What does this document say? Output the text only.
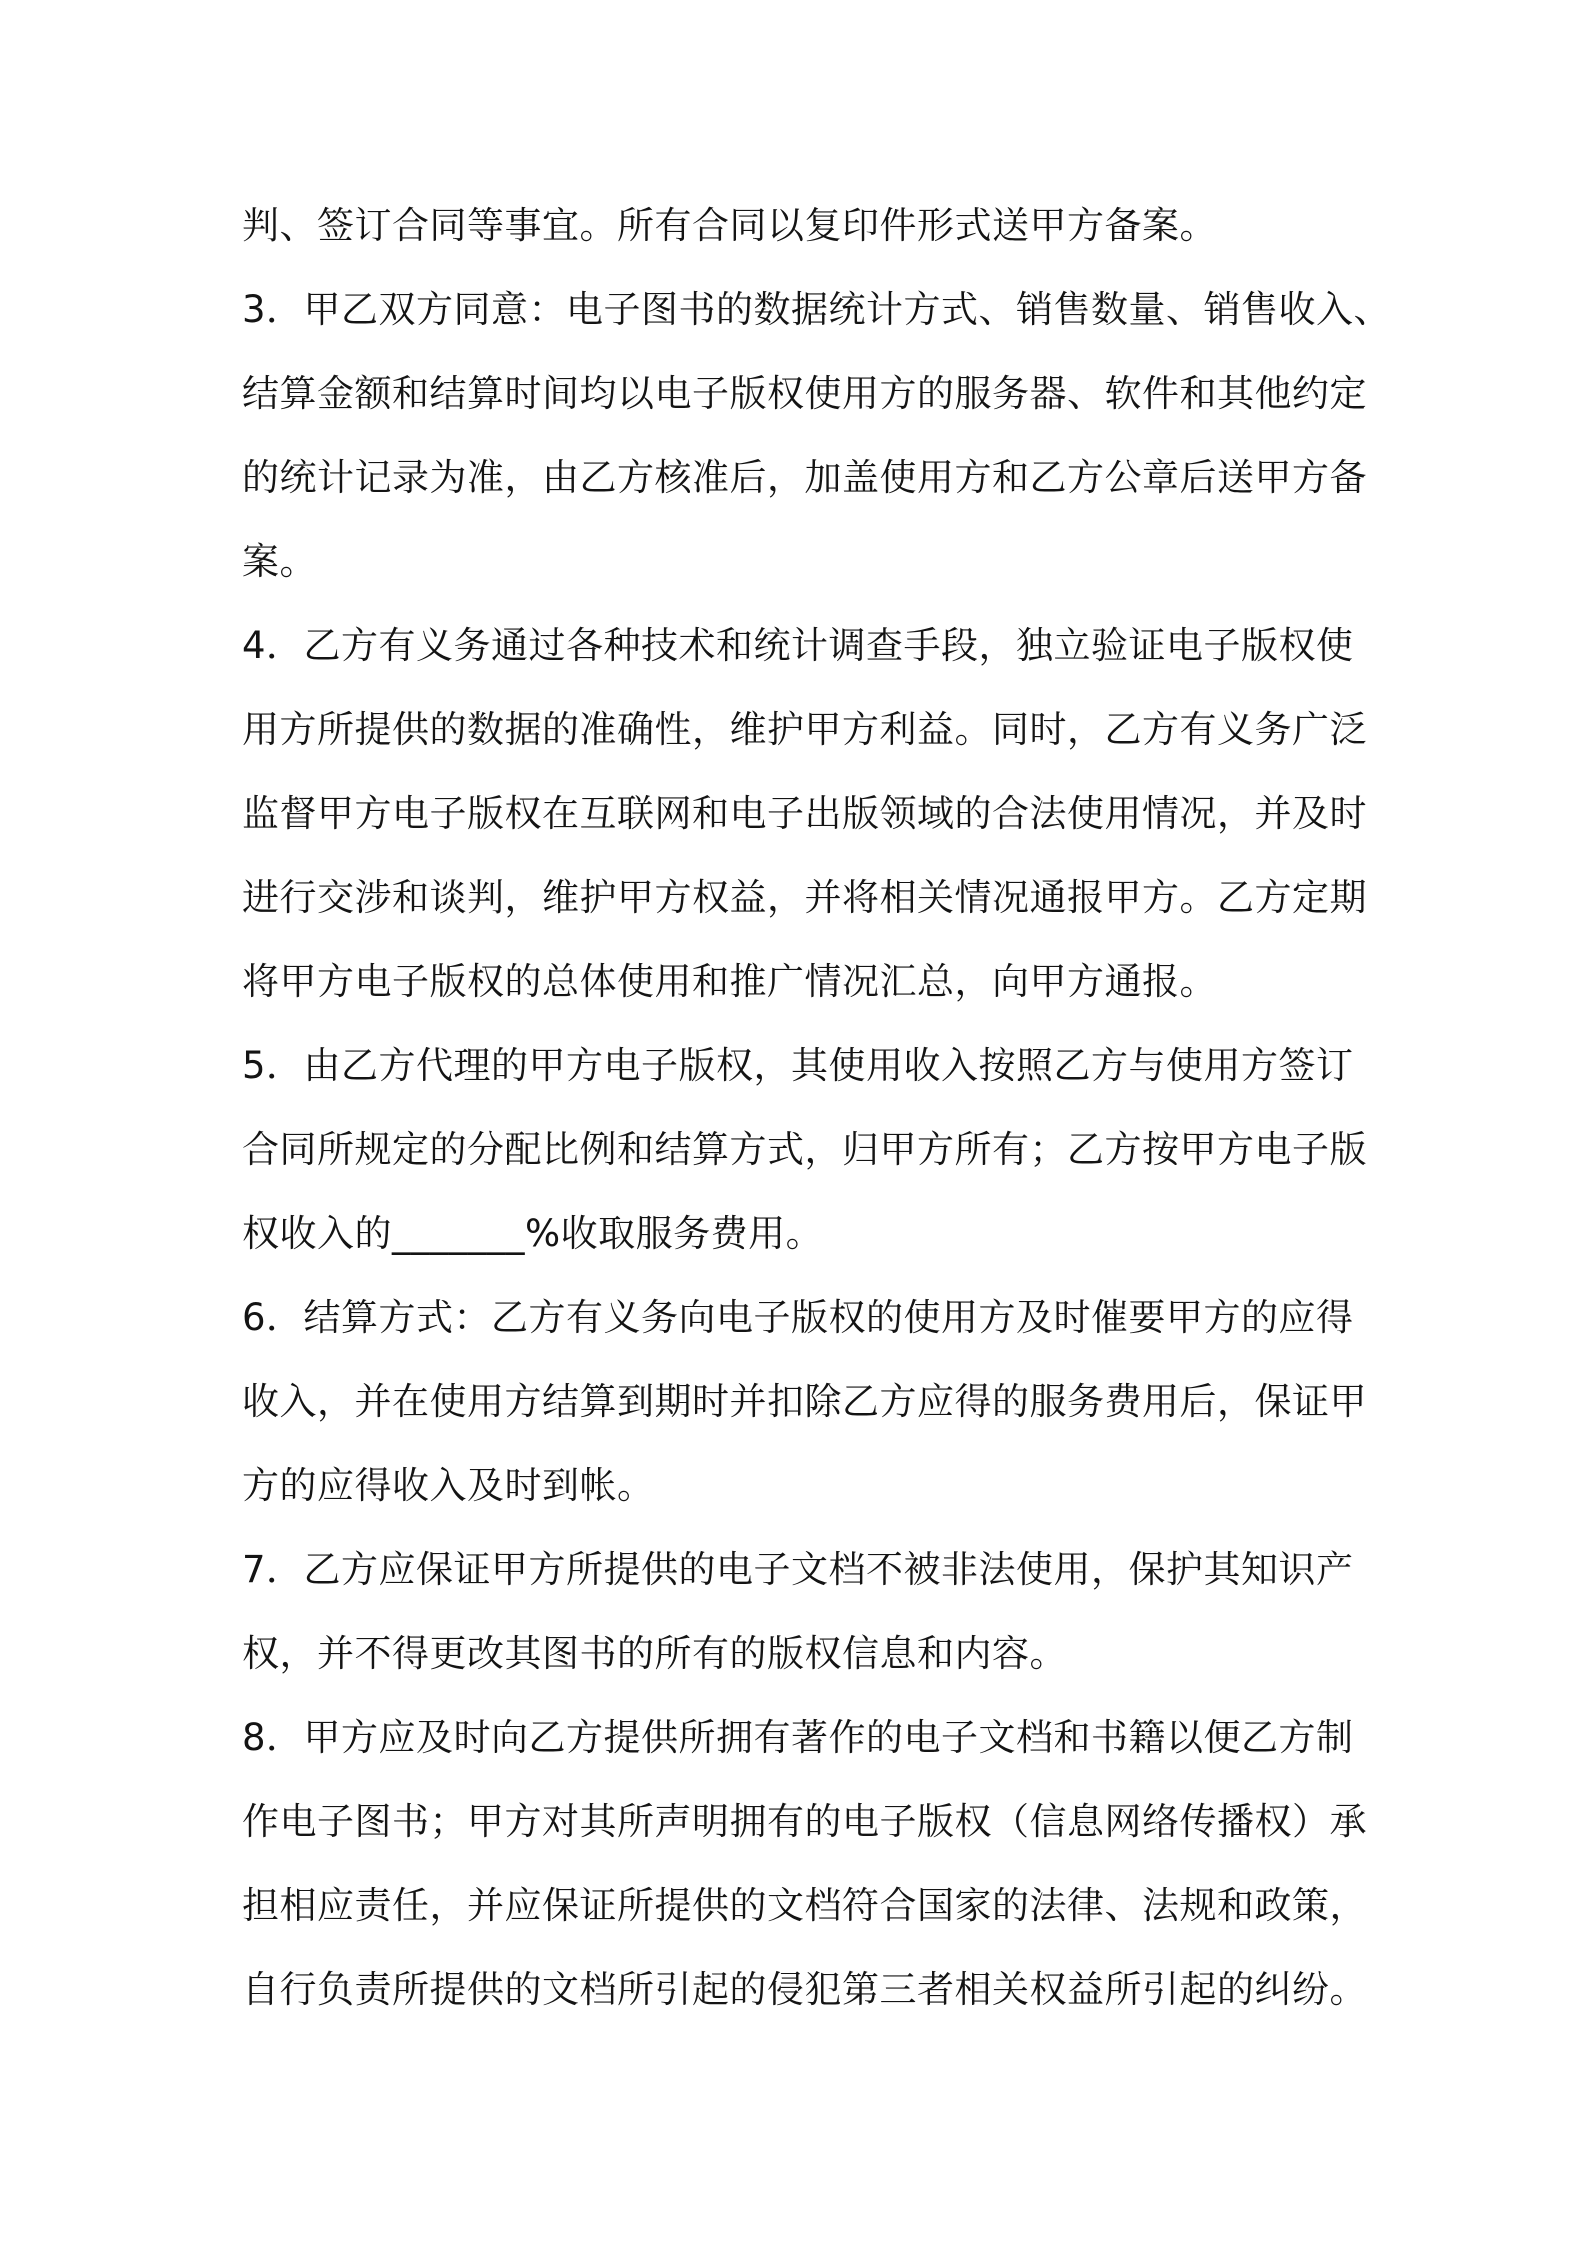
判、签订合同等事宜。所有合同以复印件形式送甲方备案。
3．甲乙双方同意：电子图书的数据统计方式、销售数量、销售收入、
结算金额和结算时间均以电子版权使用方的服务器、软件和其他约定
的统计记录为准，由乙方核准后，加盖使用方和乙方公章后送甲方备
案。
4．乙方有义务通过各种技术和统计调查手段，独立验证电子版权使
用方所提供的数据的准确性，维护甲方利益。同时，乙方有义务广泛
监督甲方电子版权在互联网和电子出版领域的合法使用情况，并及时
进行交涉和谈判，维护甲方权益，并将相关情况通报甲方。乙方定期
将甲方电子版权的总体使用和推广情况汇总，向甲方通报。
5．由乙方代理的甲方电子版权，其使用收入按照乙方与使用方签订
合同所规定的分配比例和结算方式，归甲方所有；乙方按甲方电子版
权收入的_______%收取服务费用。
6．结算方式：乙方有义务向电子版权的使用方及时催要甲方的应得
收入，并在使用方结算到期时并扣除乙方应得的服务费用后，保证甲
方的应得收入及时到帐。
7．乙方应保证甲方所提供的电子文档不被非法使用，保护其知识产
权，并不得更改其图书的所有的版权信息和内容。
8．甲方应及时向乙方提供所拥有著作的电子文档和书籍以便乙方制
作电子图书；甲方对其所声明拥有的电子版权（信息网络传播权）承
担相应责任，并应保证所提供的文档符合国家的法律、法规和政策，
自行负责所提供的文档所引起的侵犯第三者相关权益所引起的纠纷。
